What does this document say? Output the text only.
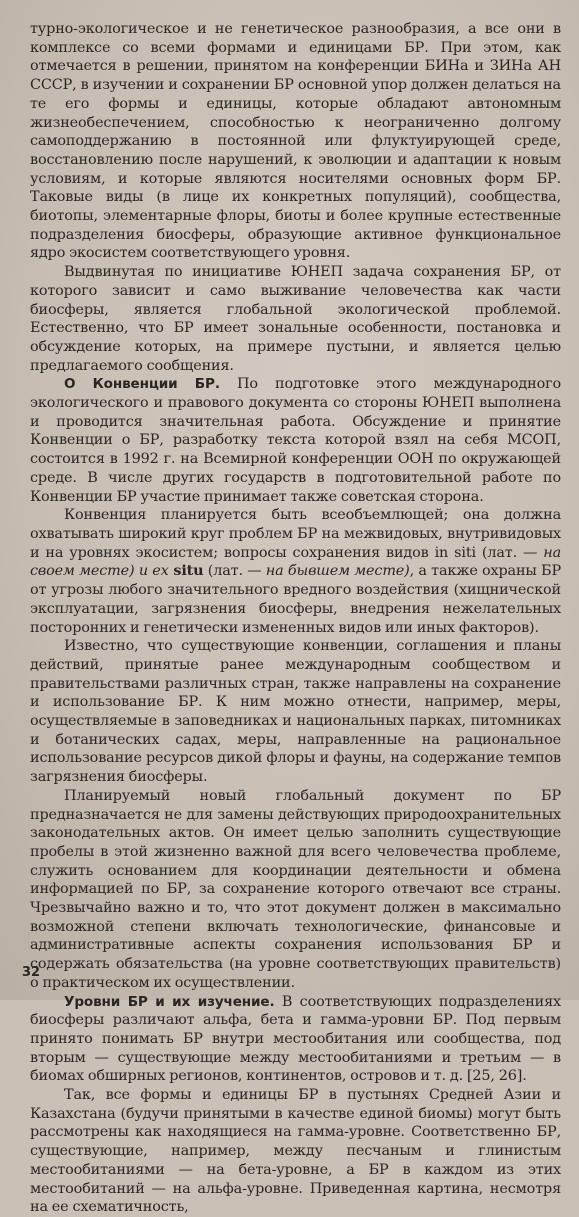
турно-экологическое и не генетическое разнообразия, а все они в комплексе со всеми формами и единицами БР. При этом, как отмечается в решении, принятом на конференции БИНа и ЗИНа АН СССР, в изучении и сохранении БР основной упор должен делаться на те его формы и единицы, которые обладают автономным жизнеобеспечением, способностью к неограниченно долгому самоподдержанию в постоянной или флуктуирующей среде, восстановлению после нарушений, к эволюции и адаптации к новым условиям, и которые являются носителями основных форм БР. Таковые виды (в лице их конкретных популяций), сообщества, биотопы, элементарные флоры, биоты и более крупные естественные подразделения биосферы, образующие активное функциональное ядро экосистем соответствующего уровня.

Выдвинутая по инициативе ЮНЕП задача сохранения БР, от которого зависит и само выживание человечества как части биосферы, является глобальной экологической проблемой. Естественно, что БР имеет зональные особенности, постановка и обсуждение которых, на примере пустыни, и является целью предлагаемого сообщения.

О Конвенции БР. По подготовке этого международного экологического и правового документа со стороны ЮНЕП выполнена и проводится значительная работа. Обсуждение и принятие Конвенции о БР, разработку текста которой взял на себя МСОП, состоится в 1992 г. на Всемирной конференции ООН по окружающей среде. В числе других государств в подготовительной работе по Конвенции БР участие принимает также советская сторона.

Конвенция планируется быть всеобъемлющей; она должна охватывать широкий круг проблем БР на межвидовых, внутривидовых и на уровнях экосистем; вопросы сохранения видов in siti (лат. — на своем месте) и ex situ (лат. — на бывшем месте), а также охраны БР от угрозы любого значительного вредного воздействия (хищнической эксплуатации, загрязнения биосферы, внедрения нежелательных посторонних и генетически измененных видов или иных факторов).

Известно, что существующие конвенции, соглашения и планы действий, принятые ранее международным сообществом и правительствами различных стран, также направлены на сохранение и использование БР. К ним можно отнести, например, меры, осуществляемые в заповедниках и национальных парках, питомниках и ботанических садах, меры, направленные на рациональное использование ресурсов дикой флоры и фауны, на содержание темпов загрязнения биосферы.

Планируемый новый глобальный документ по БР предназначается не для замены действующих природоохранительных законодательных актов. Он имеет целью заполнить существующие пробелы в этой жизненно важной для всего человечества проблеме, служить основанием для координации деятельности и обмена информацией по БР, за сохранение которого отвечают все страны. Чрезвычайно важно и то, что этот документ должен в максимально возможной степени включать технологические, финансовые и административные аспекты сохранения использования БР и содержать обязательства (на уровне соответствующих правительств) о практическом их осуществлении.

Уровни БР и их изучение. В соответствующих подразделениях биосферы различают альфа, бета и гамма-уровни БР. Под первым принято понимать БР внутри местообитания или сообщества, под вторым — существующие между местообитаниями и третьим — в биомах обширных регионов, континентов, островов и т. д. [25, 26].

Так, все формы и единицы БР в пустынях Средней Азии и Казахстана (будучи принятыми в качестве единой биомы) могут быть рассмотрены как находящиеся на гамма-уровне. Соответственно БР, существующие, например, между песчаным и глинистым местообитаниями — на бета-уровне, а БР в каждом из этих местообитаний — на альфа-уровне. Приведенная картина, несмотря на ее схематичность,

32
